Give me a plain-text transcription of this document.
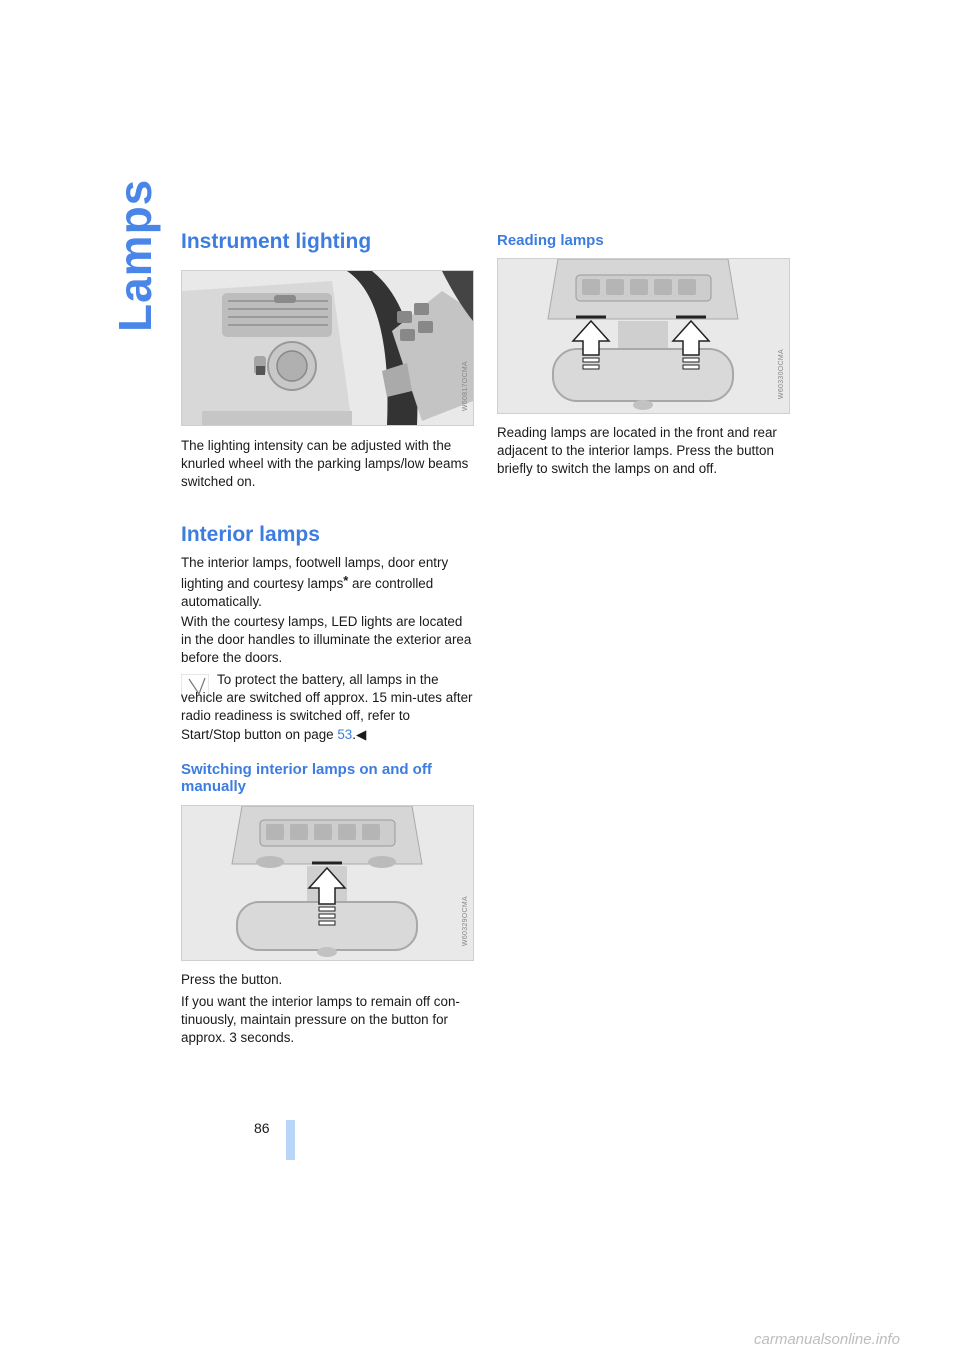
Lamps Instrument lighting
W60817OCMA

The lighting intensity can be adjusted with the knurled wheel with the parking lamps/low beams switched on.

Interior lamps

The interior lamps, footwell lamps, door entry lighting and courtesy lamps* are controlled automatically.

With the courtesy lamps, LED lights are located in the door handles to illuminate the exterior area before the doors.

To protect the battery, all lamps in the vehicle are switched off approx. 15 min-utes after radio readiness is switched off, refer to Start/Stop button on page 53.◀

Switching interior lamps on and off manually
W60329OCMA

Press the button.

If you want the interior lamps to remain off con-tinuously, maintain pressure on the button for approx. 3 seconds.

Reading lamps
W60330OCMA

Reading lamps are located in the front and rear adjacent to the interior lamps. Press the button briefly to switch the lamps on and off.

86
carmanualsonline.info
